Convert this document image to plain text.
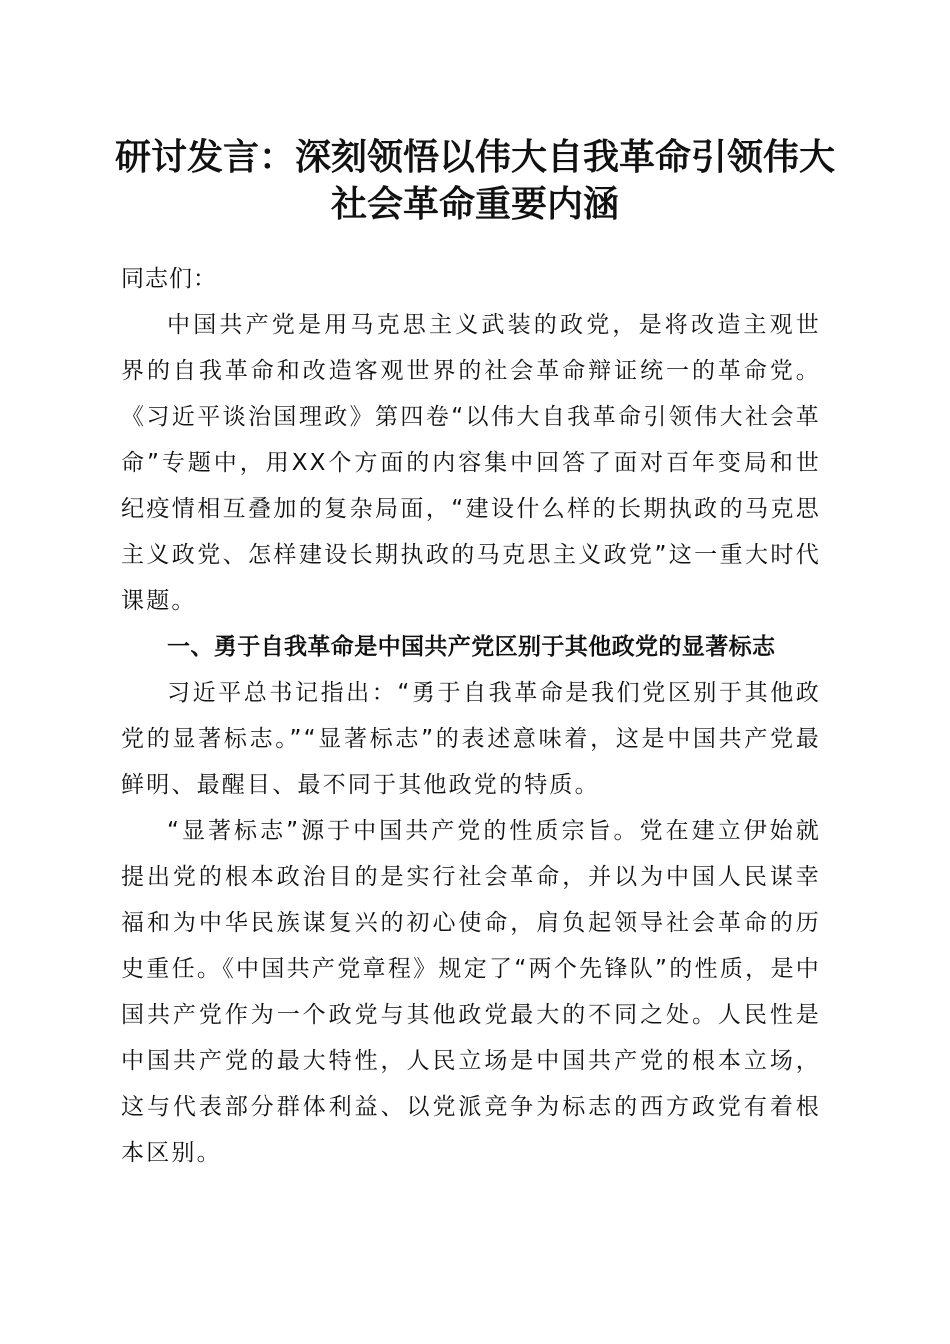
研讨发言：深刻领悟以伟大自我革命引领伟大
社会革命重要内涵

同志们：

中国共产党是用马克思主义武装的政党，是将改造主观世界的自我革命和改造客观世界的社会革命辩证统一的革命党。《习近平谈治国理政》第四卷“以伟大自我革命引领伟大社会革命”专题中，用XX个方面的内容集中回答了面对百年变局和世纪疫情相互叠加的复杂局面，“建设什么样的长期执政的马克思主义政党、怎样建设长期执政的马克思主义政党”这一重大时代课题。

一、勇于自我革命是中国共产党区别于其他政党的显著标志

习近平总书记指出：“勇于自我革命是我们党区别于其他政党的显著标志。”“显著标志”的表述意味着，这是中国共产党最鲜明、最醒目、最不同于其他政党的特质。

“显著标志”源于中国共产党的性质宗旨。党在建立伊始就提出党的根本政治目的是实行社会革命，并以为中国人民谋幸福和为中华民族谋复兴的初心使命，肩负起领导社会革命的历史重任。《中国共产党章程》规定了“两个先锋队”的性质，是中国共产党作为一个政党与其他政党最大的不同之处。人民性是中国共产党的最大特性，人民立场是中国共产党的根本立场，这与代表部分群体利益、以党派竞争为标志的西方政党有着根本区别。
